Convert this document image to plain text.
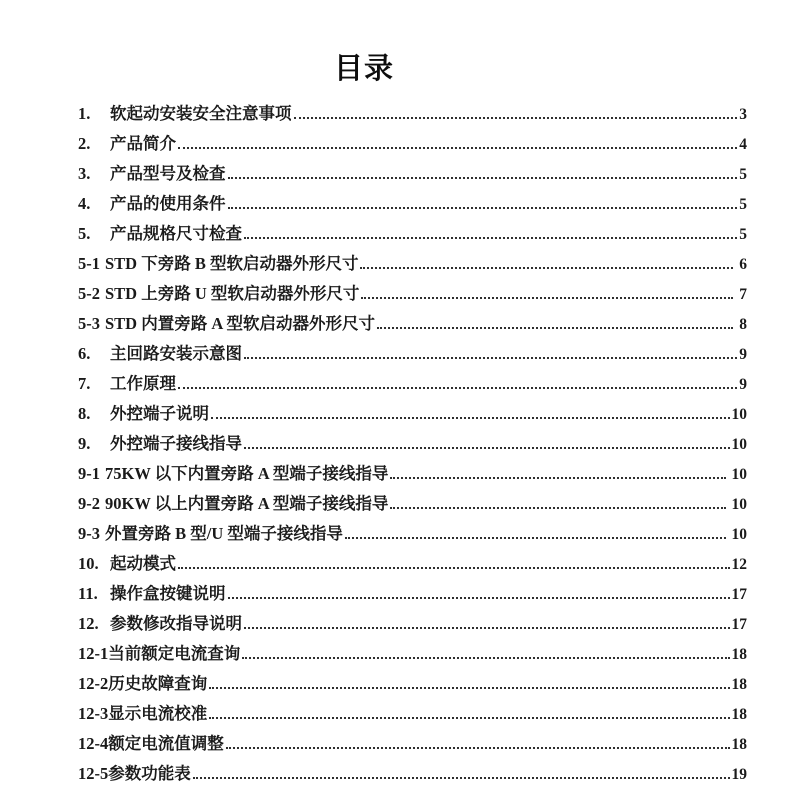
目录
1.	软起动安装安全注意事项	3
2.	产品简介	4
3.	产品型号及检查	5
4.	产品的使用条件	5
5.	产品规格尺寸检查	5
5-1 STD 下旁路 B 型软启动器外形尺寸	6
5-2 STD 上旁路 U 型软启动器外形尺寸	7
5-3 STD 内置旁路 A 型软启动器外形尺寸	8
6.	主回路安装示意图	9
7.	工作原理	9
8.	外控端子说明	10
9.	外控端子接线指导	10
9-1 75KW 以下内置旁路 A 型端子接线指导	10
9-2 90KW 以上内置旁路 A 型端子接线指导	10
9-3 外置旁路 B 型/U 型端子接线指导	10
10. 起动模式	12
11. 操作盒按键说明	17
12. 参数修改指导说明	17
12-1 当前额定电流查询	18
12-2 历史故障查询	18
12-3 显示电流校准	18
12-4 额定电流值调整	18
12-5 参数功能表	19
